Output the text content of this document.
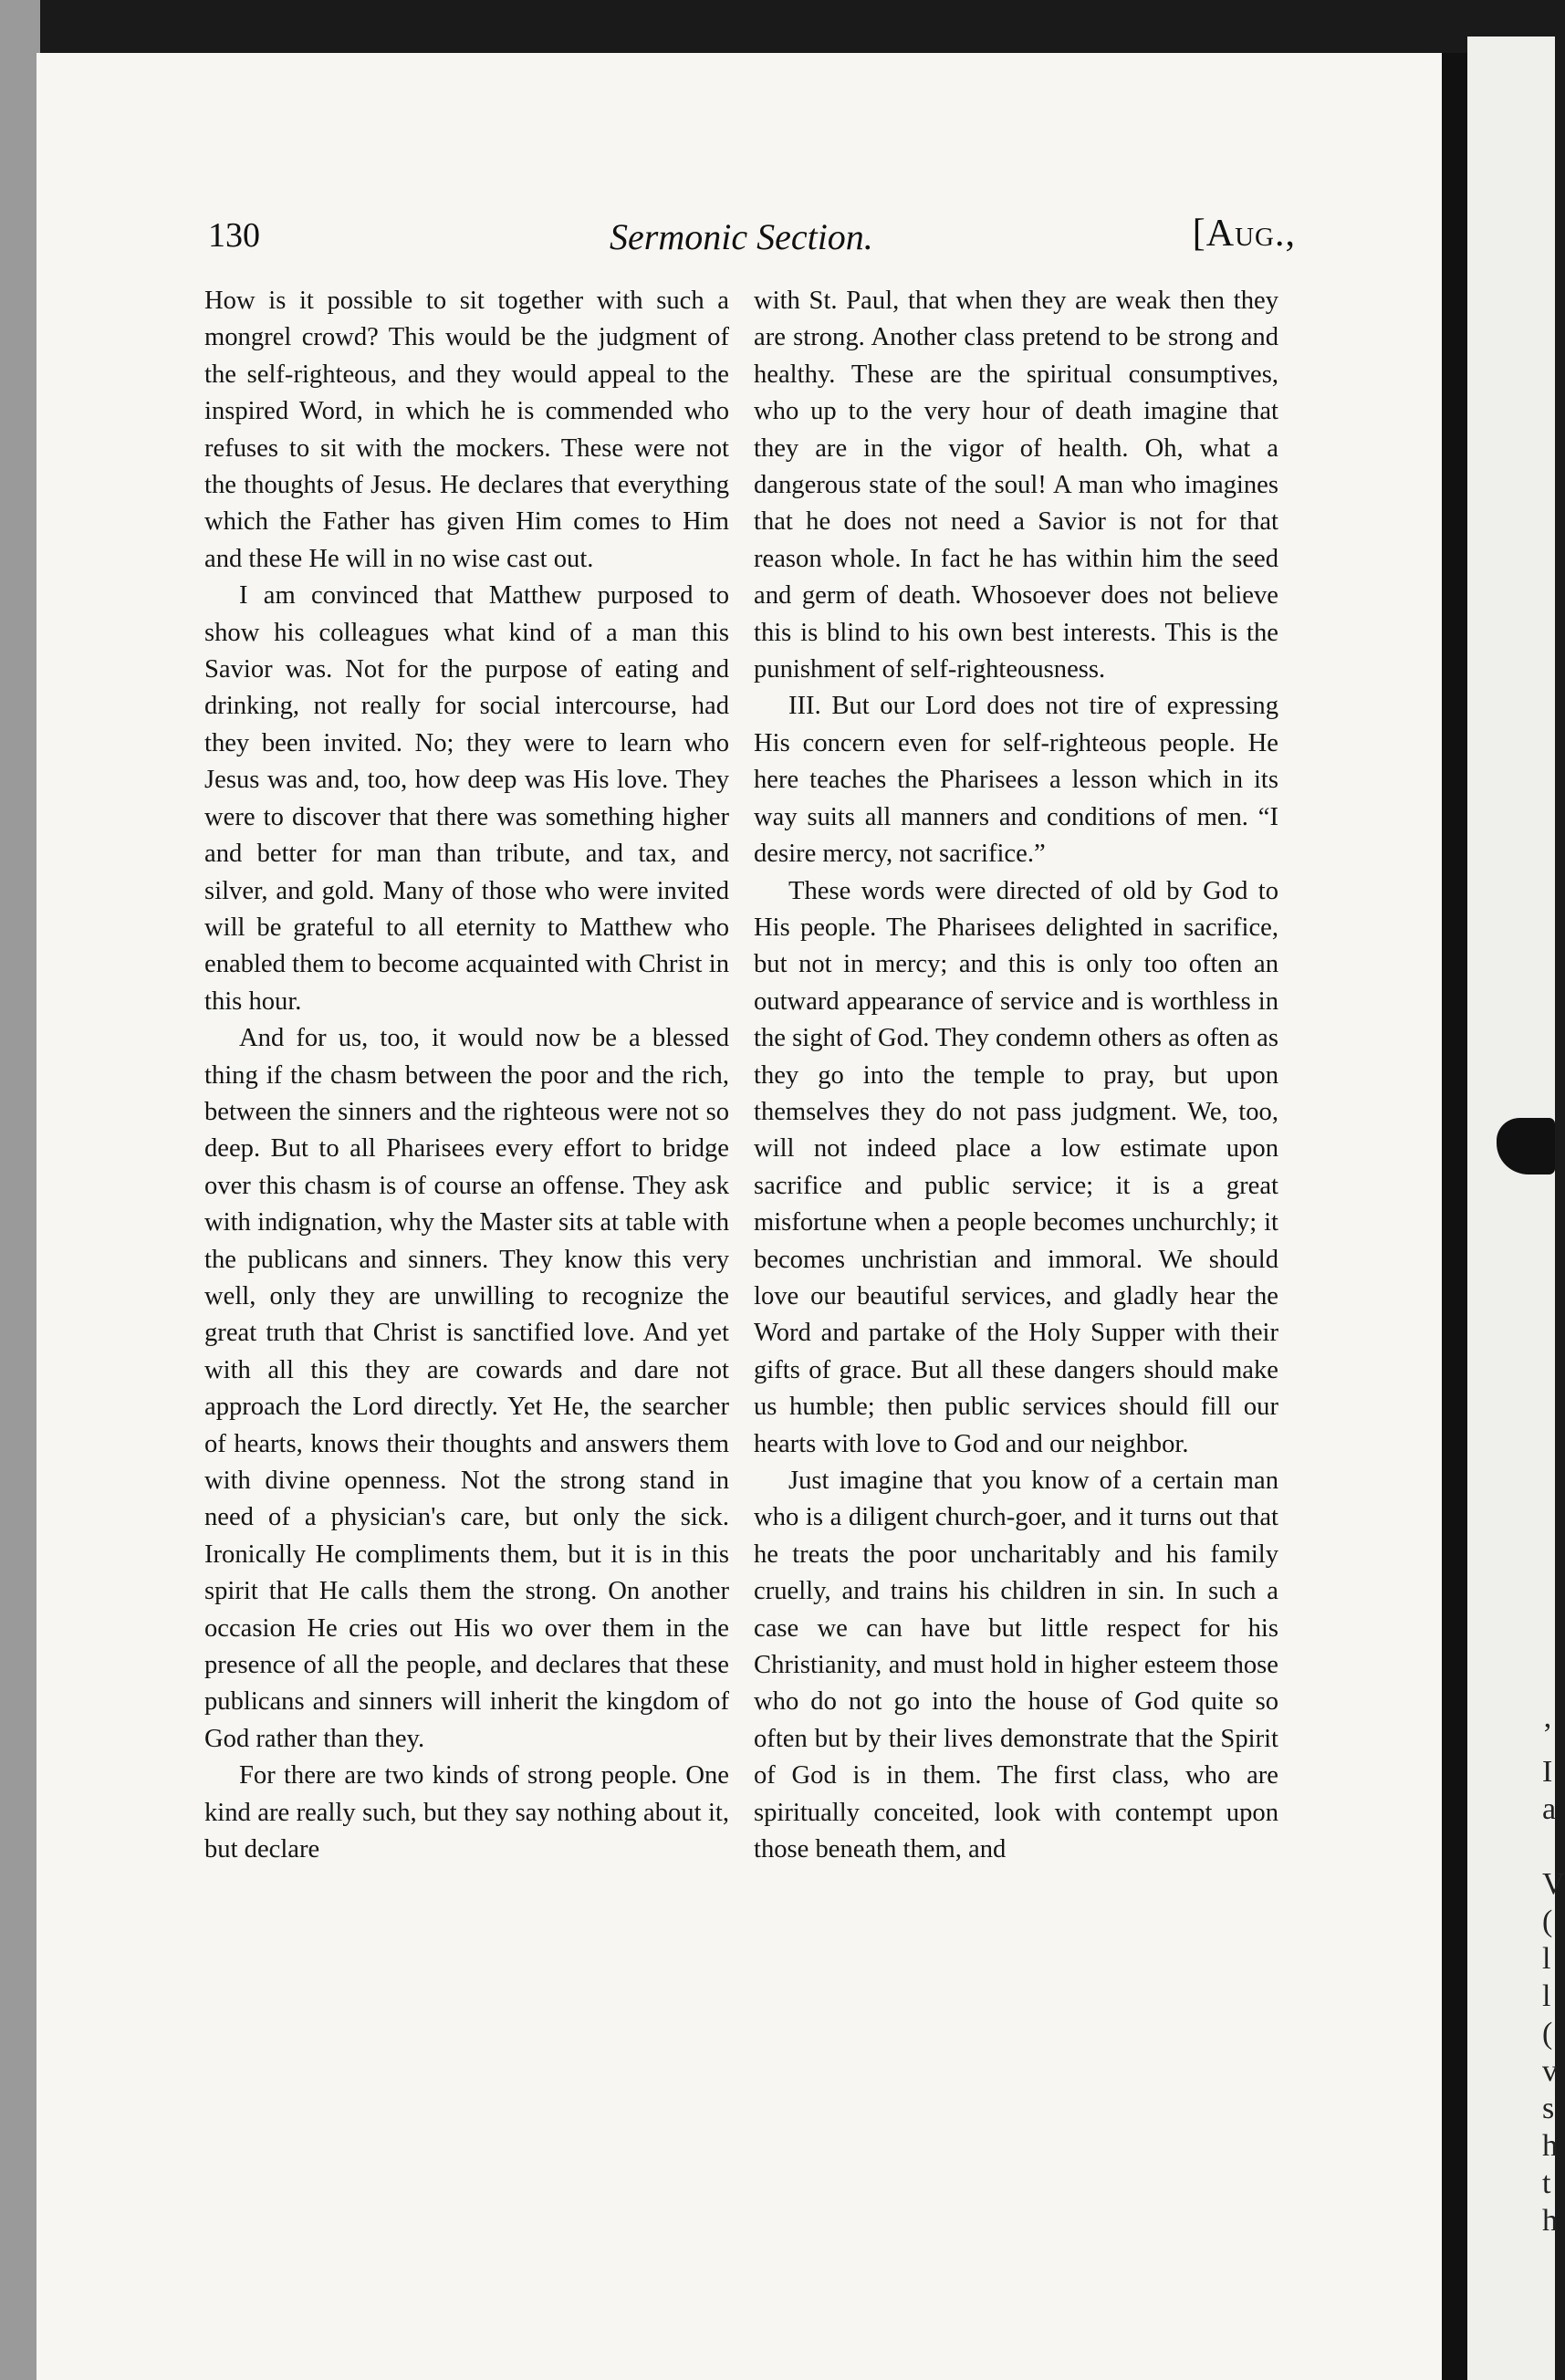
’
I
a

V
(
l
l
(
v
s
h
t
h
130	Sermonic Section.	[Aug.,

How is it possible to sit together with such a mongrel crowd? This would be the judgment of the self-righteous, and they would appeal to the inspired Word, in which he is commended who refuses to sit with the mockers. These were not the thoughts of Jesus. He declares that everything which the Father has given Him comes to Him and these He will in no wise cast out.

I am convinced that Matthew purposed to show his colleagues what kind of a man this Savior was. Not for the purpose of eating and drinking, not really for social intercourse, had they been invited. No; they were to learn who Jesus was and, too, how deep was His love. They were to discover that there was something higher and better for man than tribute, and tax, and silver, and gold. Many of those who were invited will be grateful to all eternity to Matthew who enabled them to become acquainted with Christ in this hour.

And for us, too, it would now be a blessed thing if the chasm between the poor and the rich, between the sinners and the righteous were not so deep. But to all Pharisees every effort to bridge over this chasm is of course an offense. They ask with indignation, why the Master sits at table with the publicans and sinners. They know this very well, only they are unwilling to recognize the great truth that Christ is sanctified love. And yet with all this they are cowards and dare not approach the Lord directly. Yet He, the searcher of hearts, knows their thoughts and answers them with divine openness. Not the strong stand in need of a physician's care, but only the sick. Ironically He compliments them, but it is in this spirit that He calls them the strong. On another occasion He cries out His wo over them in the presence of all the people, and declares that these publicans and sinners will inherit the kingdom of God rather than they.

For there are two kinds of strong people. One kind are really such, but they say nothing about it, but declare

with St. Paul, that when they are weak then they are strong. Another class pretend to be strong and healthy. These are the spiritual consumptives, who up to the very hour of death imagine that they are in the vigor of health. Oh, what a dangerous state of the soul! A man who imagines that he does not need a Savior is not for that reason whole. In fact he has within him the seed and germ of death. Whosoever does not believe this is blind to his own best interests. This is the punishment of self-righteousness.

III. But our Lord does not tire of expressing His concern even for self-righteous people. He here teaches the Pharisees a lesson which in its way suits all manners and conditions of men. “I desire mercy, not sacrifice.”

These words were directed of old by God to His people. The Pharisees delighted in sacrifice, but not in mercy; and this is only too often an outward appearance of service and is worthless in the sight of God. They condemn others as often as they go into the temple to pray, but upon themselves they do not pass judgment. We, too, will not indeed place a low estimate upon sacrifice and public service; it is a great misfortune when a people becomes unchurchly; it becomes unchristian and immoral. We should love our beautiful services, and gladly hear the Word and partake of the Holy Supper with their gifts of grace. But all these dangers should make us humble; then public services should fill our hearts with love to God and our neighbor.

Just imagine that you know of a certain man who is a diligent church-goer, and it turns out that he treats the poor uncharitably and his family cruelly, and trains his children in sin. In such a case we can have but little respect for his Christianity, and must hold in higher esteem those who do not go into the house of God quite so often but by their lives demonstrate that the Spirit of God is in them. The first class, who are spiritually conceited, look with contempt upon those beneath them, and
